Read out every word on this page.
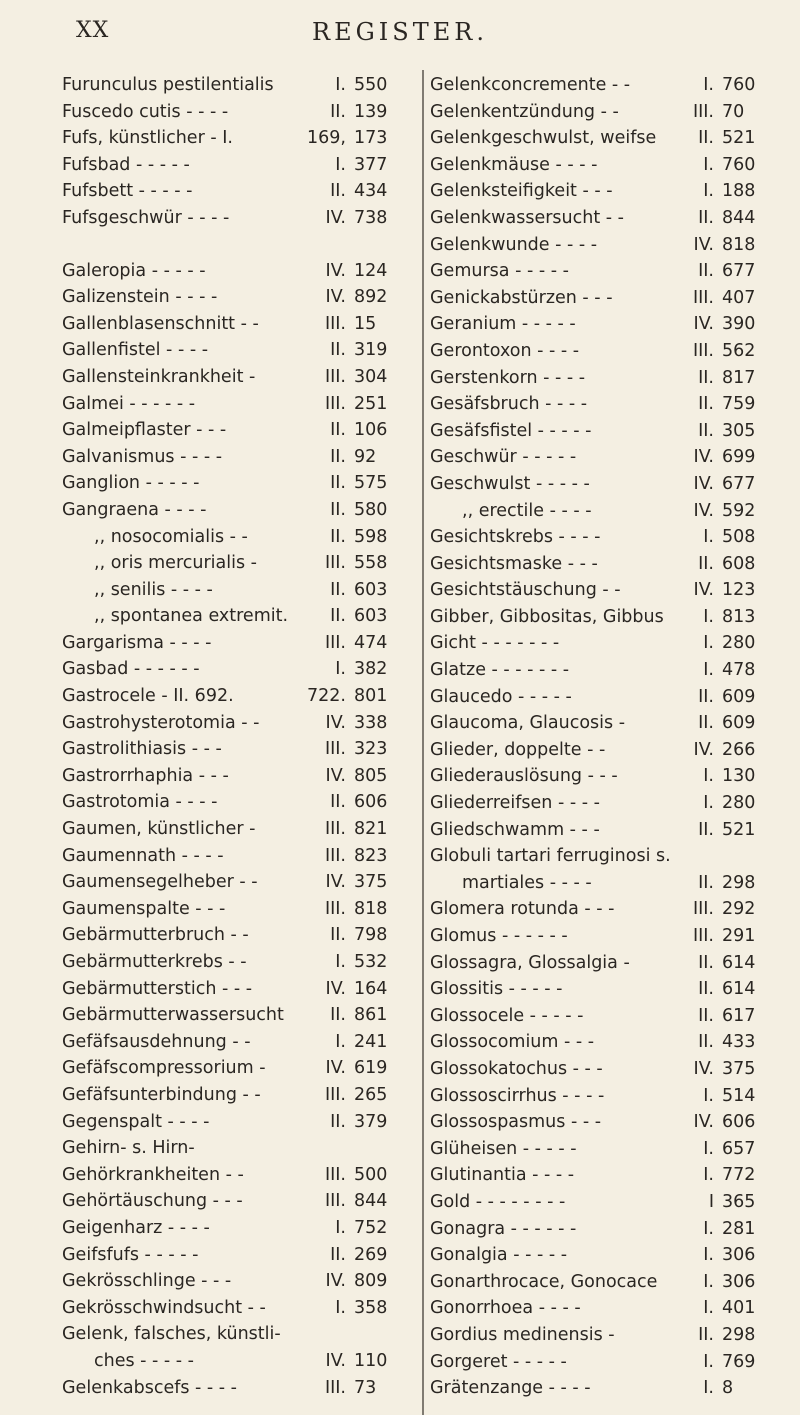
XX	REGISTER.
Furunculus pestilentialis	I. 550
Fuscedo cutis - - - -	II. 139
Fufs, künstlicher - I.	169, 173
Fufsbad - - - - -	I. 377
Fufsbett - - - - -	II. 434
Fufsgeschwür - - - -	IV. 738
Galeropia - - - - -	IV. 124
Galizenstein - - - -	IV. 892
Gallenblasenschnitt - -	III. 15
Gallenfistel - - - -	II. 319
Gallensteinkrankheit -	III. 304
Galmei - - - - - -	III. 251
Galmeipflaster - - -	II. 106
Galvanismus - - - -	II. 92
Ganglion - - - - -	II. 575
Gangraena - - - -	II. 580
,, nosocomialis - -	II. 598
,, oris mercurialis -	III. 558
,, senilis - - - -	II. 603
,, spontanea extremit. II. 603
Gargarisma - - - -	III. 474
Gasbad - - - - - -	I. 382
Gastrocele - II. 692.	722. 801
Gastrohysterotomia - -	IV. 338
Gastrolithiasis - - -	III. 323
Gastrorrhaphia - - -	IV. 805
Gastrotomia - - - -	II. 606
Gaumen, künstlicher -	III. 821
Gaumennath - - - -	III. 823
Gaumensegelheber - -	IV. 375
Gaumenspalte - - -	III. 818
Gebärmutterbruch - -	II. 798
Gebärmutterkrebs - -	I. 532
Gebärmutterstich - - -	IV. 164
Gebärmutterwassersucht	II. 861
Gefäfsausdehnung - -	I. 241
Gefäfscompressorium -	IV. 619
Gefäfsunterbindung - -	III. 265
Gegenspalt - - - -	II. 379
Gehirn- s. Hirn-
Gehörkrankheiten - -	III. 500
Gehörtäuschung - - -	III. 844
Geigenharz - - - -	I. 752
Geifsfufs - - - - -	II. 269
Gekrösschlinge - - -	IV. 809
Gekrösschwindsucht - -	I. 358
Gelenk, falsches, künstli-
ches - - - - -	IV. 110
Gelenkabscefs - - - -	III. 73
Gelenkconcremente - -	I. 760
Gelenkentzündung - -	III. 70
Gelenkgeschwulst, weifse II. 521
Gelenkmäuse - - - -	I. 760
Gelenksteifigkeit - - -	I. 188
Gelenkwassersucht - -	II. 844
Gelenkwunde - - - -	IV. 818
Gemursa - - - - -	II. 677
Genickabstürzen - - -	III. 407
Geranium - - - - -	IV. 390
Gerontoxon - - - -	III. 562
Gerstenkorn - - - -	II. 817
Gesäfsbruch - - - -	II. 759
Gesäfsfistel - - - - -	II. 305
Geschwür - - - - -	IV. 699
Geschwulst - - - - -	IV. 677
,, erectile - - - -	IV. 592
Gesichtskrebs - - - -	I. 508
Gesichtsmaske - - -	II. 608
Gesichtstäuschung - -	IV. 123
Gibber, Gibbositas, Gibbus I. 813
Gicht - - - - - - -	I. 280
Glatze - - - - - - -	I. 478
Glaucedo - - - - -	II. 609
Glaucoma, Glaucosis -	II. 609
Glieder, doppelte - -	IV. 266
Gliederauslösung - - -	I. 130
Gliederreifsen - - - -	I. 280
Gliedschwamm - - -	II. 521
Globuli tartari ferruginosi s.
martiales - - - -	II. 298
Glomera rotunda - - -	III. 292
Glomus - - - - - -	III. 291
Glossagra, Glossalgia -	II. 614
Glossitis - - - - -	II. 614
Glossocele - - - - -	II. 617
Glossocomium - - -	II. 433
Glossokatochus - - -	IV. 375
Glossoscirrhus - - - -	I. 514
Glossospasmus - - -	IV. 606
Glüheisen - - - - -	I. 657
Glutinantia - - - -	I. 772
Gold - - - - - - - -	I 365
Gonagra - - - - - -	I. 281
Gonalgia - - - - -	I. 306
Gonarthrocace, Gonocace	I. 306
Gonorrhoea - - - -	I. 401
Gordius medinensis -	II. 298
Gorgeret - - - - -	I. 769
Grätenzange - - - -	I. 8
